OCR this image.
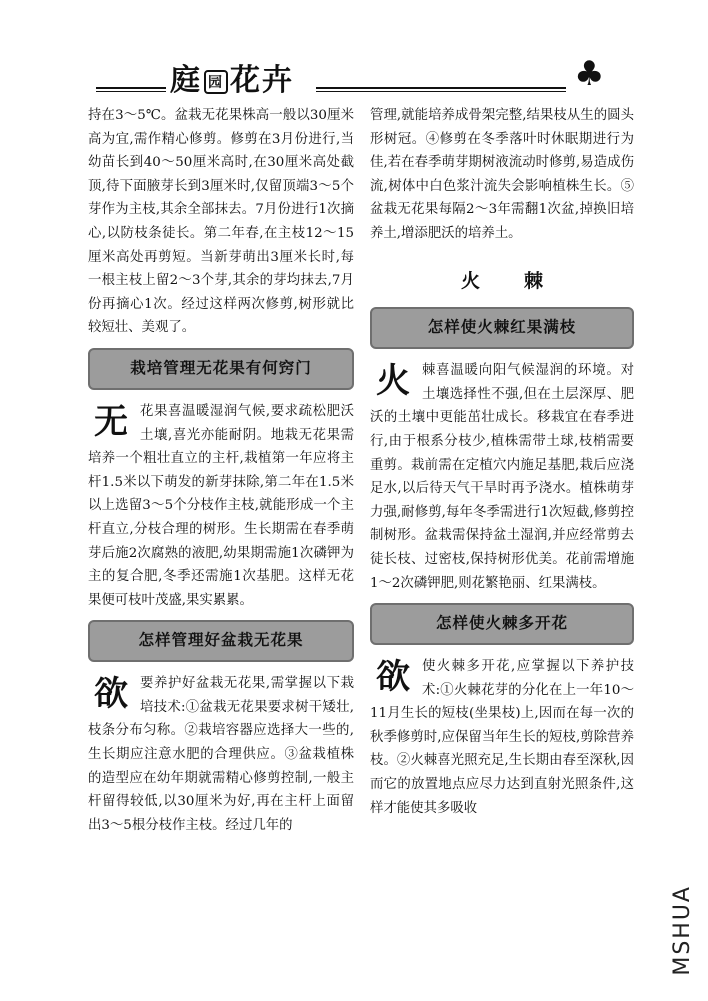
庭 园 花卉	♣

持在3～5℃。盆栽无花果株高一般以30厘米高为宜,需作精心修剪。修剪在3月份进行,当幼苗长到40～50厘米高时,在30厘米高处截顶,待下面腋芽长到3厘米时,仅留顶端3～5个芽作为主枝,其余全部抹去。7月份进行1次摘心,以防枝条徒长。第二年春,在主枝12～15厘米高处再剪短。当新芽萌出3厘米长时,每一根主枝上留2～3个芽,其余的芽均抹去,7月份再摘心1次。经过这样两次修剪,树形就比较短壮、美观了。

栽培管理无花果有何窍门

无花果喜温暖湿润气候,要求疏松肥沃土壤,喜光亦能耐阴。地栽无花果需培养一个粗壮直立的主杆,栽植第一年应将主杆1.5米以下萌发的新芽抹除,第二年在1.5米以上选留3～5个分枝作主枝,就能形成一个主杆直立,分枝合理的树形。生长期需在春季萌芽后施2次腐熟的液肥,幼果期需施1次磷钾为主的复合肥,冬季还需施1次基肥。这样无花果便可枝叶茂盛,果实累累。

怎样管理好盆栽无花果

欲要养护好盆栽无花果,需掌握以下栽培技术:①盆栽无花果要求树干矮壮,枝条分布匀称。②栽培容器应选择大一些的,生长期应注意水肥的合理供应。③盆栽植株的造型应在幼年期就需精心修剪控制,一般主杆留得较低,以30厘米为好,再在主杆上面留出3～5根分枝作主枝。经过几年的

管理,就能培养成骨架完整,结果枝从生的圆头形树冠。④修剪在冬季落叶时休眠期进行为佳,若在春季萌芽期树液流动时修剪,易造成伤流,树体中白色浆汁流失会影响植株生长。⑤盆栽无花果每隔2～3年需翻1次盆,掉换旧培养土,增添肥沃的培养土。

火棘
怎样使火棘红果满枝

火棘喜温暖向阳气候湿润的环境。对土壤选择性不强,但在土层深厚、肥沃的土壤中更能茁壮成长。移栽宜在春季进行,由于根系分枝少,植株需带土球,枝梢需要重剪。栽前需在定植穴内施足基肥,栽后应浇足水,以后待天气干旱时再予浇水。植株萌芽力强,耐修剪,每年冬季需进行1次短截,修剪控制树形。盆栽需保持盆土湿润,并应经常剪去徒长枝、过密枝,保持树形优美。花前需增施1～2次磷钾肥,则花繁艳丽、红果满枝。

怎样使火棘多开花

欲使火棘多开花,应掌握以下养护技术:①火棘花芽的分化在上一年10～11月生长的短枝(坐果枝)上,因而在每一次的秋季修剪时,应保留当年生长的短枝,剪除营养枝。②火棘喜光照充足,生长期由春至深秋,因而它的放置地点应尽力达到直射光照条件,这样才能使其多吸收

MSHUA
